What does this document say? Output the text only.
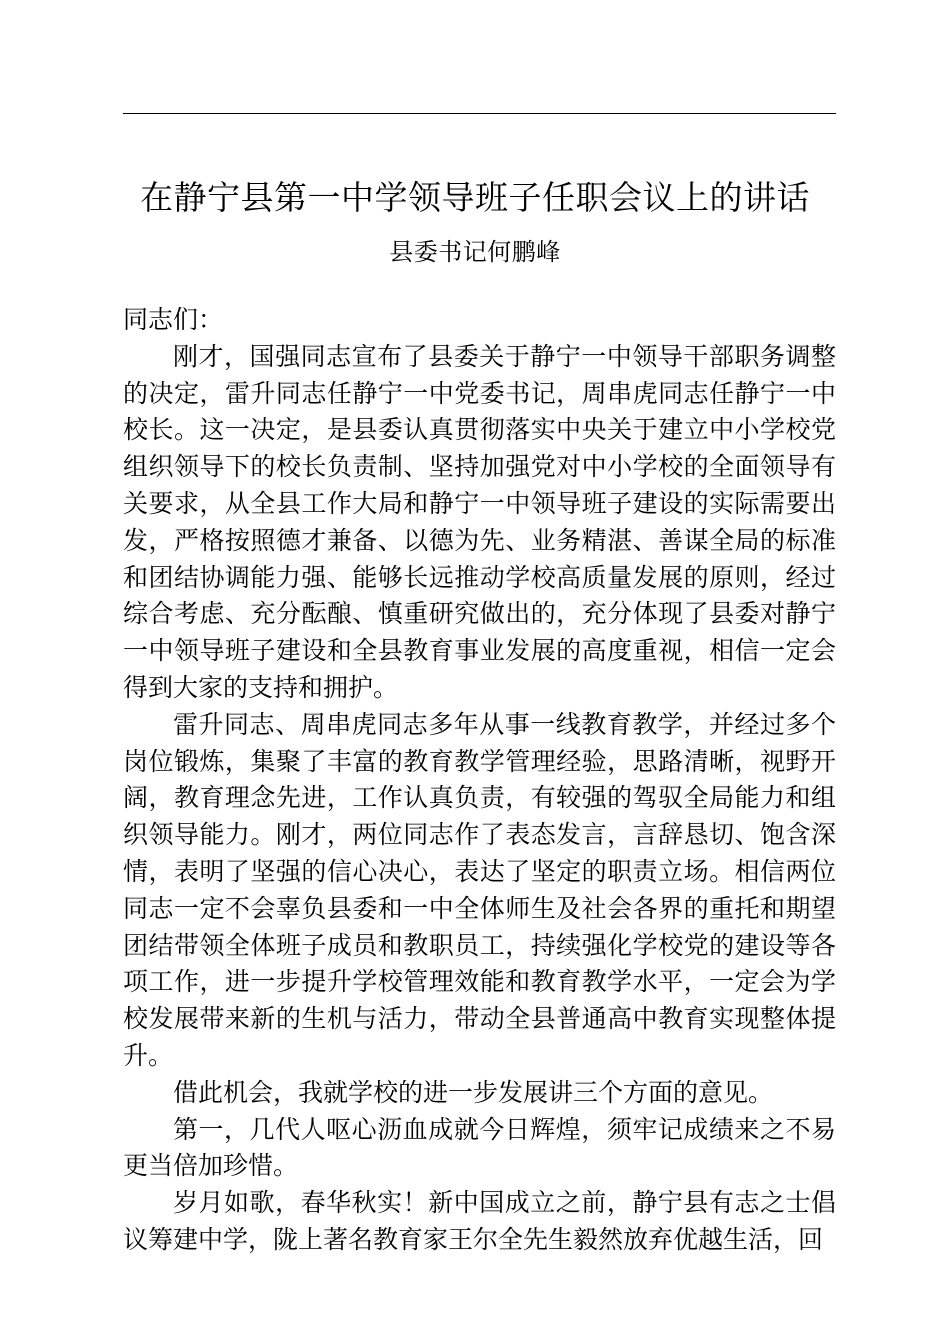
在静宁县第一中学领导班子任职会议上的讲话
县委书记何鹏峰

同志们：

刚才，国强同志宣布了县委关于静宁一中领导干部职务调整的决定，雷升同志任静宁一中党委书记，周串虎同志任静宁一中校长。这一决定，是县委认真贯彻落实中央关于建立中小学校党组织领导下的校长负责制、坚持加强党对中小学校的全面领导有关要求，从全县工作大局和静宁一中领导班子建设的实际需要出发，严格按照德才兼备、以德为先、业务精湛、善谋全局的标准和团结协调能力强、能够长远推动学校高质量发展的原则，经过综合考虑、充分酝酿、慎重研究做出的，充分体现了县委对静宁一中领导班子建设和全县教育事业发展的高度重视，相信一定会得到大家的支持和拥护。

雷升同志、周串虎同志多年从事一线教育教学，并经过多个岗位锻炼，集聚了丰富的教育教学管理经验，思路清晰，视野开阔，教育理念先进，工作认真负责，有较强的驾驭全局能力和组织领导能力。刚才，两位同志作了表态发言，言辞恳切、饱含深情，表明了坚强的信心决心，表达了坚定的职责立场。相信两位同志一定不会辜负县委和一中全体师生及社会各界的重托和期望团结带领全体班子成员和教职员工，持续强化学校党的建设等各项工作，进一步提升学校管理效能和教育教学水平，一定会为学校发展带来新的生机与活力，带动全县普通高中教育实现整体提升。

借此机会，我就学校的进一步发展讲三个方面的意见。

第一，几代人呕心沥血成就今日辉煌，须牢记成绩来之不易更当倍加珍惜。

岁月如歌，春华秋实！新中国成立之前，静宁县有志之士倡议筹建中学，陇上著名教育家王尔全先生毅然放弃优越生活，回
